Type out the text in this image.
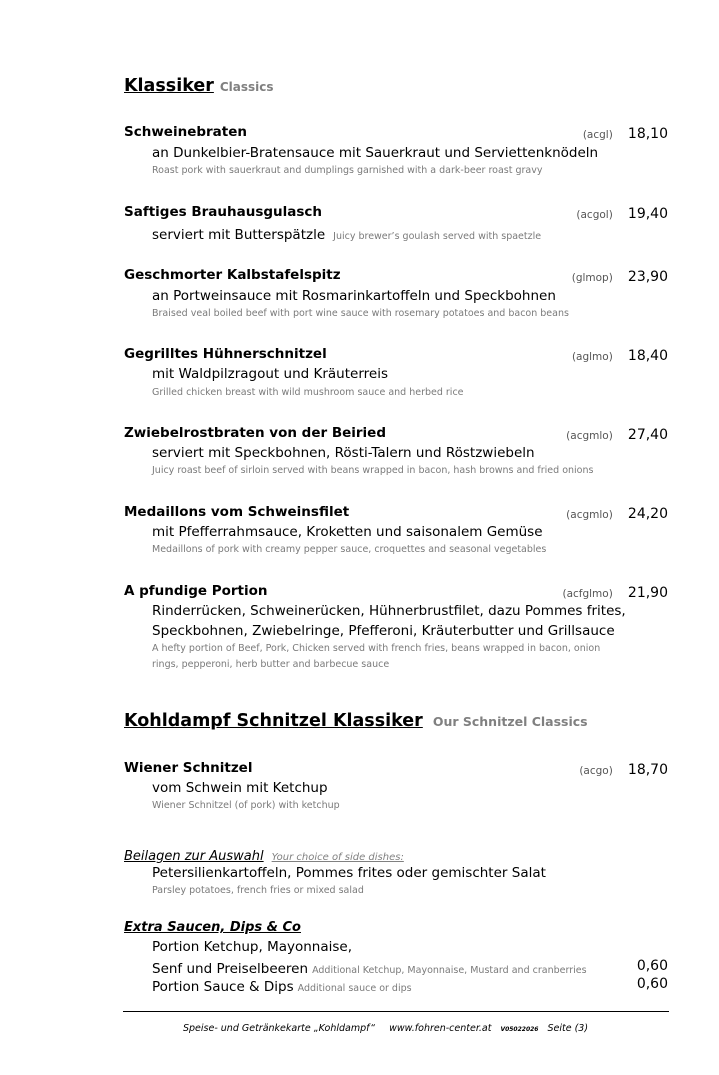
Klassiker Classics
Schweinebraten	(acgl) 18,10
an Dunkelbier-Bratensauce mit Sauerkraut und Serviettenknödeln
Roast pork with sauerkraut and dumplings garnished with a dark-beer roast gravy
Saftiges Brauhausgulasch	(acgol) 19,40
serviert mit Butterspätzle Juicy brewer’s goulash served with spaetzle
Geschmorter Kalbstafelspitz	(glmop) 23,90
an Portweinsauce mit Rosmarinkartoffeln und Speckbohnen
Braised veal boiled beef with port wine sauce with rosemary potatoes and bacon beans
Gegrilltes Hühnerschnitzel	(aglmo) 18,40
mit Waldpilzragout und Kräuterreis
Grilled chicken breast with wild mushroom sauce and herbed rice
Zwiebelrostbraten von der Beiried	(acgmlo) 27,40
serviert mit Speckbohnen, Rösti-Talern und Röstzwiebeln
Juicy roast beef of sirloin served with beans wrapped in bacon, hash browns and fried onions
Medaillons vom Schweinsfilet	(acgmlo) 24,20
mit Pfefferrahmsauce, Kroketten und saisonalem Gemüse
Medaillons of pork with creamy pepper sauce, croquettes and seasonal vegetables
A pfundige Portion	(acfglmo) 21,90
Rinderrücken, Schweinerücken, Hühnerbrustfilet, dazu Pommes frites,
Speckbohnen, Zwiebelringe, Pfefferoni, Kräuterbutter und Grillsauce
A hefty portion of Beef, Pork, Chicken served with french fries, beans wrapped in bacon, onion
rings, pepperoni, herb butter and barbecue sauce
Kohldampf Schnitzel Klassiker Our Schnitzel Classics
Wiener Schnitzel	(acgo) 18,70
vom Schwein mit Ketchup
Wiener Schnitzel (of pork) with ketchup
Beilagen zur Auswahl Your choice of side dishes:
Petersilienkartoffeln, Pommes frites oder gemischter Salat
Parsley potatoes, french fries or mixed salad
Extra Saucen, Dips & Co
Portion Ketchup, Mayonnaise,
Senf und Preiselbeeren Additional Ketchup, Mayonnaise, Mustard and cranberries	0,60
Portion Sauce & Dips Additional sauce or dips	0,60
Speise- und Getränkekarte „Kohldampf“ www.fohren-center.at V05022026 Seite (3)
